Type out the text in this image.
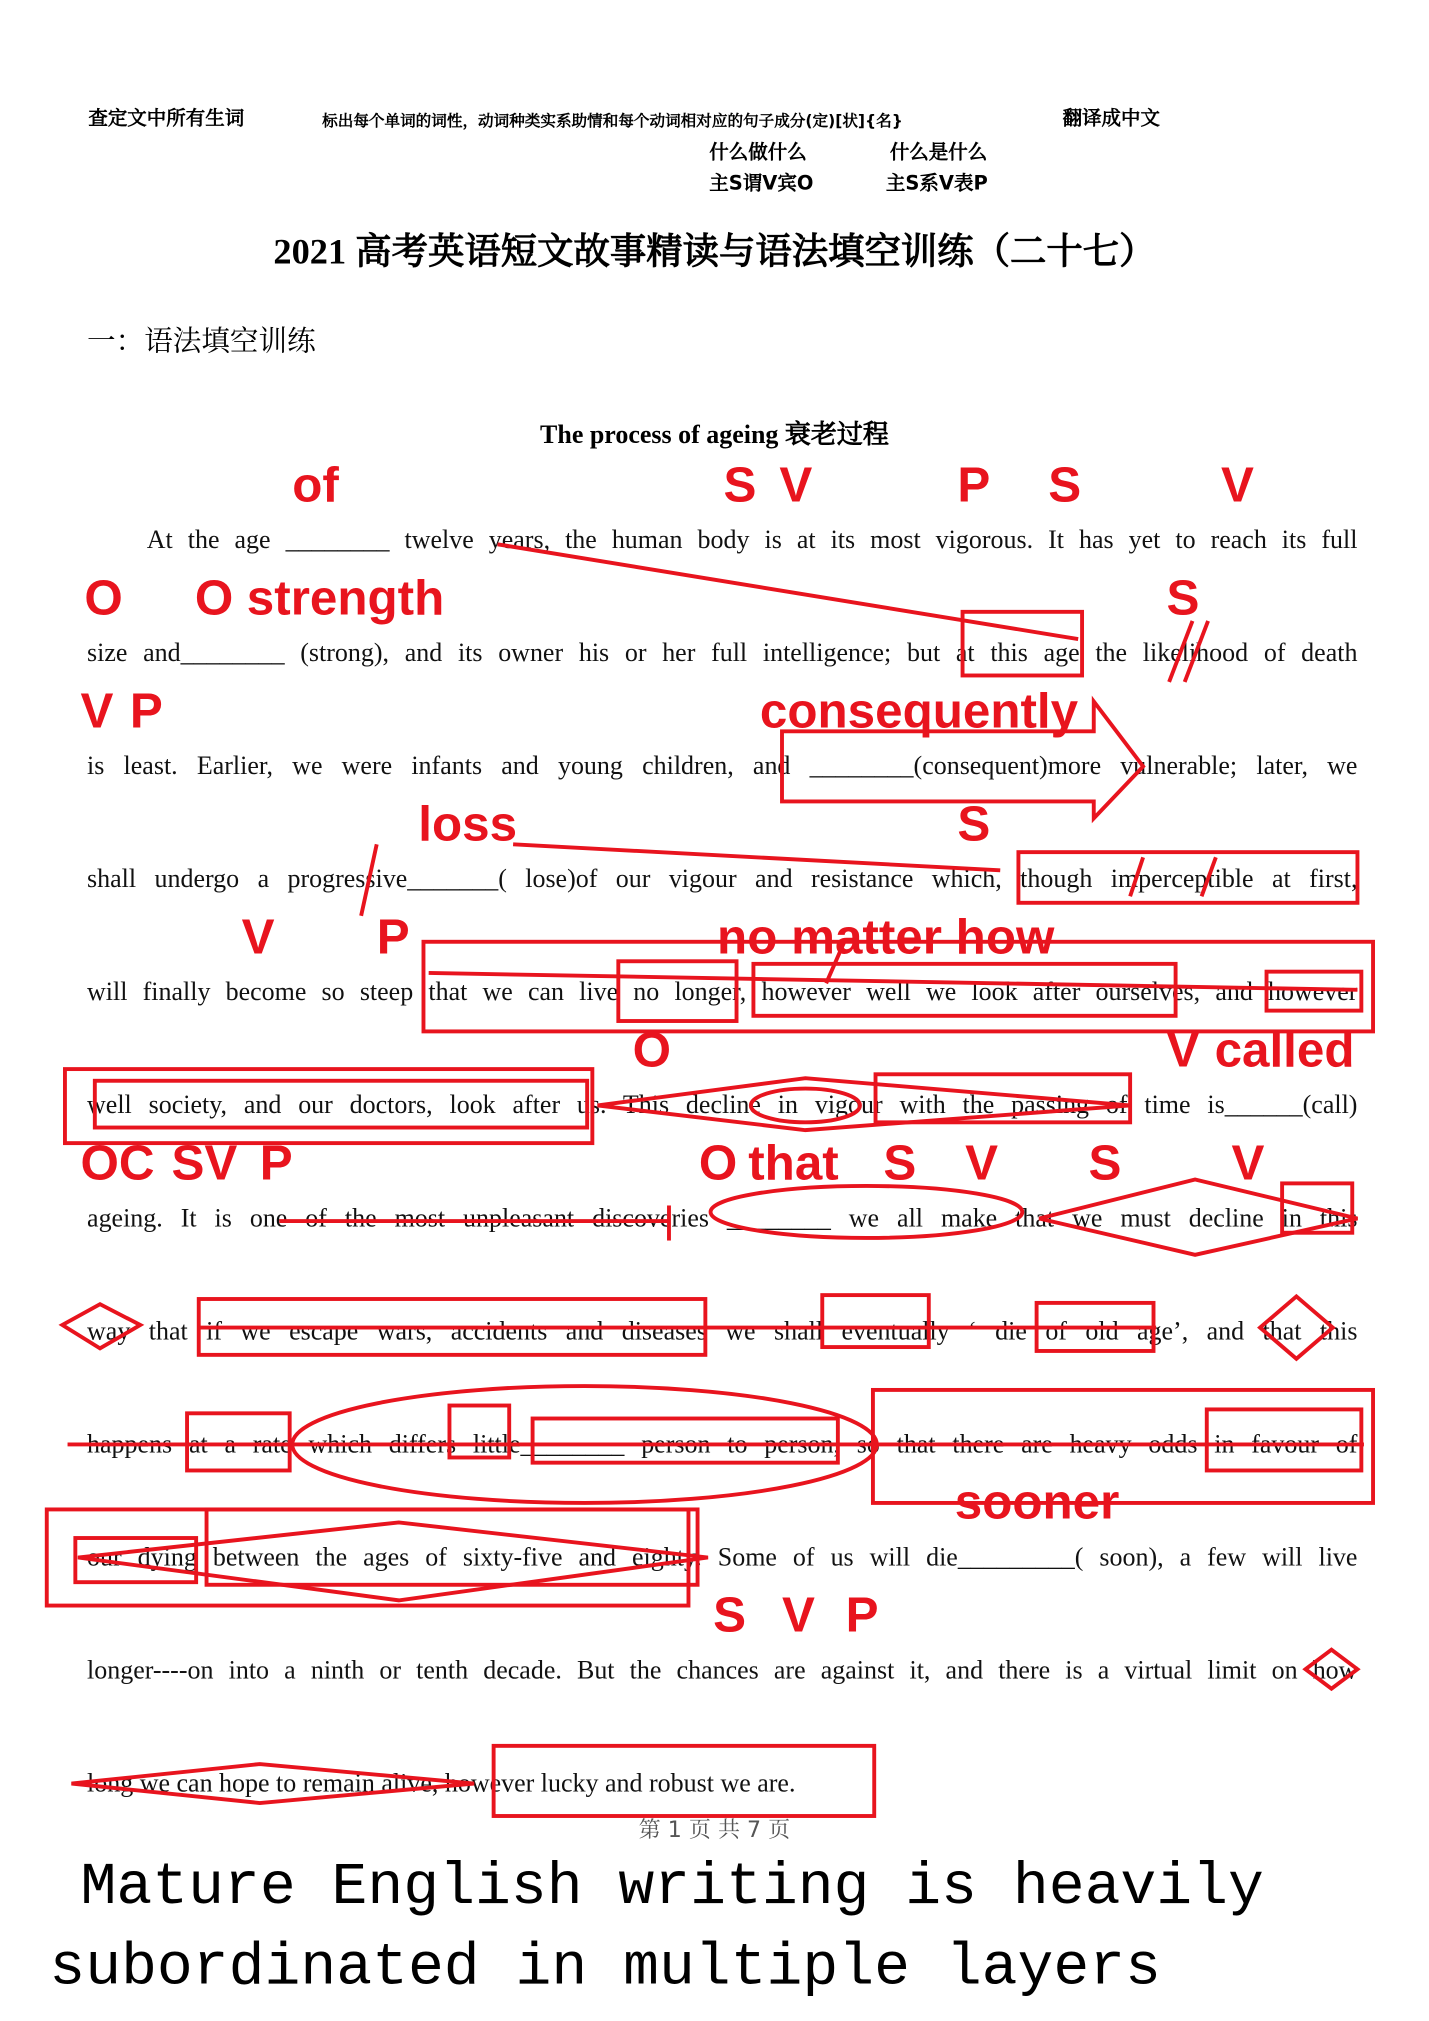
查定文中所有生词	标出每个单词的词性，动词种类实系助情和每个动词相对应的句子成分(定)[状]{名}	翻译成中文
什么做什么	什么是什么
主S谓V宾O	主S系V表P
2021 高考英语短文故事精读与语法填空训练（二十七）
一：语法填空训练
The process of ageing 衰老过程
At the age ________ twelve years, the human body is at its most vigorous. It has yet to reach its full
size and________ (strong), and its owner his or her full intelligence; but at this age the likelihood of death
is least. Earlier, we were infants and young children, and ________(consequent)more vulnerable; later, we
shall undergo a progressive_______( lose)of our vigour and resistance which, though imperceptible at first,
will finally become so steep that we can live no longer, however well we look after ourselves, and however
well society, and our doctors, look after us. This decline in vigour with the passing of time is______(call)
ageing. It is one of the most unpleasant discoveries ________ we all make that we must decline in this
way that if we escape wars, accidents and diseases we shall eventually ‘ die of old age’, and that this
happens at a rate which differs little________ person to person, so that there are heavy odds in favour of
our dying between the ages of sixty-five and eighty. Some of us will die_________( soon), a few will live
longer----on into a ninth or tenth decade. But the chances are against it, and there is a virtual limit on how
long we can hope to remain alive, however lucky and robust we are.
of
strength
consequently
loss
no matter how
called
that
sooner
S V	P S	V
O O	S
V P
S
V	P
O	V
OC SV P	O	S V S	V
S V P
第 1 页 共 7 页
Mature English writing is heavily
subordinated in multiple layers
